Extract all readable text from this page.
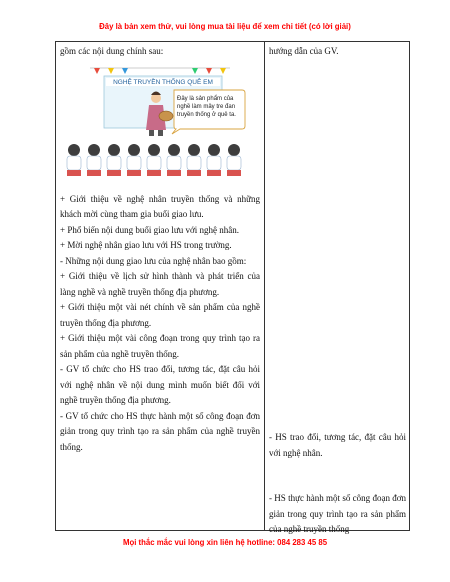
Đây là bản xem thử, vui lòng mua tài liệu để xem chi tiết (có lời giải)

gồm các nội dung chính sau:

NGHỆ TRUYỀN THỐNG QUÊ EM
Đây là sản phẩm của nghề làm mây tre đan truyền thống ở quê ta.

+ Giới thiệu về nghệ nhân truyền thống và những khách mời cùng tham gia buổi giao lưu.

+ Phổ biến nội dung buổi giao lưu với nghệ nhân.

+ Mời nghệ nhân giao lưu với HS trong trường.

- Những nội dung giao lưu của nghệ nhân bao gồm:

+ Giới thiệu về lịch sử hình thành và phát triển của làng nghề và nghề truyền thống địa phương.

+ Giới thiệu một vài nét chính về sản phẩm của nghề truyền thống địa phương.

+ Giới thiệu một vài công đoạn trong quy trình tạo ra sản phẩm của nghề truyền thống.

- GV tổ chức cho HS trao đổi, tương tác, đặt câu hỏi với nghệ nhân về nội dung mình muốn biết đối với nghề truyền thống địa phương.

- GV tổ chức cho HS thực hành một số công đoạn đơn giản trong quy trình tạo ra sản phẩm của nghề truyền thống.

hướng dẫn của GV.

- HS trao đổi, tương tác, đặt câu hỏi với nghệ nhân.

- HS thực hành một số công đoạn đơn giản trong quy trình tạo ra sản phẩm của nghề truyền thống

Mọi thắc mắc vui lòng xin liên hệ hotline: 084 283 45 85
